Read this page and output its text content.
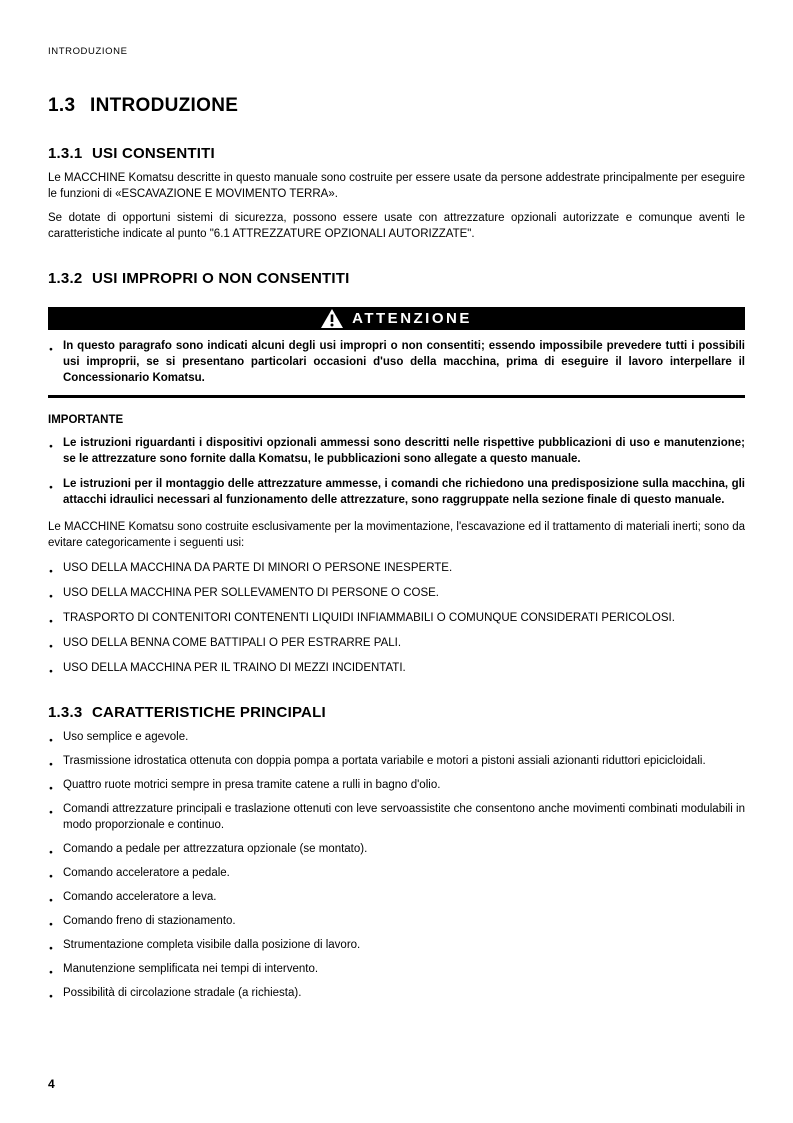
INTRODUZIONE
1.3 INTRODUZIONE
1.3.1 USI CONSENTITI

Le MACCHINE Komatsu descritte in questo manuale sono costruite per essere usate da persone addestrate principalmente per eseguire le funzioni di «ESCAVAZIONE E MOVIMENTO TERRA».

Se dotate di opportuni sistemi di sicurezza, possono essere usate con attrezzature opzionali autorizzate e comunque aventi le caratteristiche indicate al punto "6.1 ATTREZZATURE OPZIONALI AUTORIZZATE".

1.3.2 USI IMPROPRI O NON CONSENTITI
ATTENZIONE
● In questo paragrafo sono indicati alcuni degli usi impropri o non consentiti; essendo impossibile prevedere tutti i possibili usi improprii, se si presentano particolari occasioni d'uso della macchina, prima di eseguire il lavoro interpellare il Concessionario Komatsu.
IMPORTANTE
● Le istruzioni riguardanti i dispositivi opzionali ammessi sono descritti nelle rispettive pubblicazioni di uso e manutenzione; se le attrezzature sono fornite dalla Komatsu, le pubblicazioni sono allegate a questo manuale.
● Le istruzioni per il montaggio delle attrezzature ammesse, i comandi che richiedono una predisposizione sulla macchina, gli attacchi idraulici necessari al funzionamento delle attrezzature, sono raggruppate nella sezione finale di questo manuale.

Le MACCHINE Komatsu sono costruite esclusivamente per la movimentazione, l'escavazione ed il trattamento di materiali inerti; sono da evitare categoricamente i seguenti usi:

● USO DELLA MACCHINA DA PARTE DI MINORI O PERSONE INESPERTE.
● USO DELLA MACCHINA PER SOLLEVAMENTO DI PERSONE O COSE.
● TRASPORTO DI CONTENITORI CONTENENTI LIQUIDI INFIAMMABILI O COMUNQUE CONSIDERATI PERICOLOSI.
● USO DELLA BENNA COME BATTIPALI O PER ESTRARRE PALI.
● USO DELLA MACCHINA PER IL TRAINO DI MEZZI INCIDENTATI.
1.3.3 CARATTERISTICHE PRINCIPALI
● Uso semplice e agevole.
● Trasmissione idrostatica ottenuta con doppia pompa a portata variabile e motori a pistoni assiali azionanti riduttori epicicloidali.
● Quattro ruote motrici sempre in presa tramite catene a rulli in bagno d'olio.
● Comandi attrezzature principali e traslazione ottenuti con leve servoassistite che consentono anche movimenti combinati modulabili in modo proporzionale e continuo.
● Comando a pedale per attrezzatura opzionale (se montato).
● Comando acceleratore a pedale.
● Comando acceleratore a leva.
● Comando freno di stazionamento.
● Strumentazione completa visibile dalla posizione di lavoro.
● Manutenzione semplificata nei tempi di intervento.
● Possibilità di circolazione stradale (a richiesta).
4
